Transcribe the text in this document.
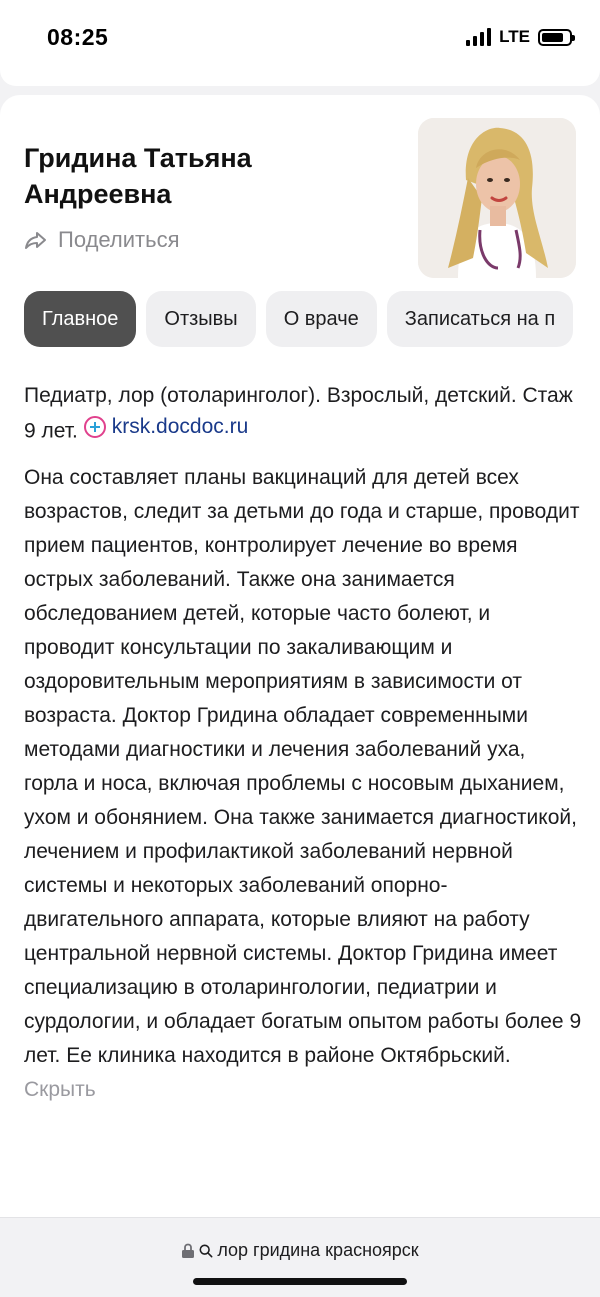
08:25	LTE
Гридина Татьяна Андреевна
Поделиться
Главное	Отзывы	О враче	Записаться на п
Педиатр, лор (отоларинголог). Взрослый, детский. Стаж 9 лет. krsk.docdoc.ru
Она составляет планы вакцинаций для детей всех возрастов, следит за детьми до года и старше, проводит прием пациентов, контролирует лечение во время острых заболеваний. Также она занимается обследованием детей, которые часто болеют, и проводит консультации по закаливающим и оздоровительным мероприятиям в зависимости от возраста. Доктор Гридина обладает современными методами диагностики и лечения заболеваний уха, горла и носа, включая проблемы с носовым дыханием, ухом и обонянием. Она также занимается диагностикой, лечением и профилактикой заболеваний нервной системы и некоторых заболеваний опорно-двигательного аппарата, которые влияют на работу центральной нервной системы. Доктор Гридина имеет специализацию в отоларингологии, педиатрии и сурдологии, и обладает богатым опытом работы более 9 лет. Ее клиника находится в районе Октябрьский. Скрыть
лор гридина красноярск
